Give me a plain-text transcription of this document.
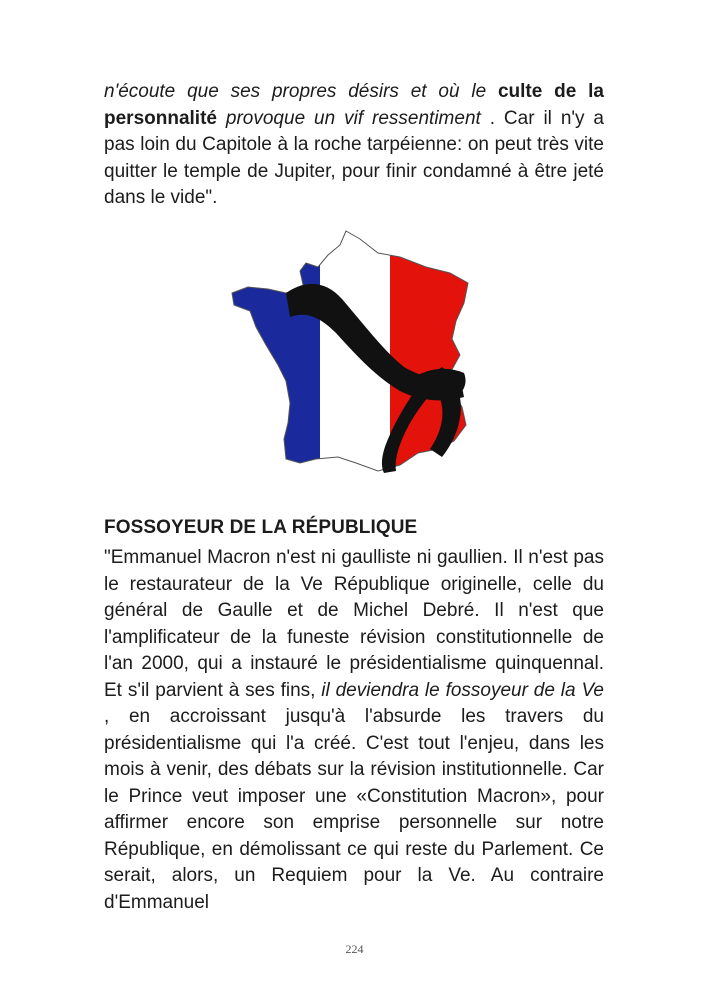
n'écoute que ses propres désirs et où le culte de la personnalité provoque un vif ressentiment . Car il n'y a pas loin du Capitole à la roche tarpéienne: on peut très vite quitter le temple de Jupiter, pour finir condamné à être jeté dans le vide".

FOSSOYEUR DE LA RÉPUBLIQUE

"Emmanuel Macron n'est ni gaulliste ni gaullien. Il n'est pas le restaurateur de la Ve République originelle, celle du général de Gaulle et de Michel Debré. Il n'est que l'amplificateur de la funeste révision constitutionnelle de l'an 2000, qui a instauré le présidentialisme quinquennal. Et s'il parvient à ses fins, il deviendra le fossoyeur de la Ve , en accroissant jusqu'à l'absurde les travers du présidentialisme qui l'a créé. C'est tout l'enjeu, dans les mois à venir, des débats sur la révision institutionnelle. Car le Prince veut imposer une «Constitution Macron», pour affirmer encore son emprise personnelle sur notre République, en démolissant ce qui reste du Parlement. Ce serait, alors, un Requiem pour la Ve. Au contraire d'Emmanuel

224
